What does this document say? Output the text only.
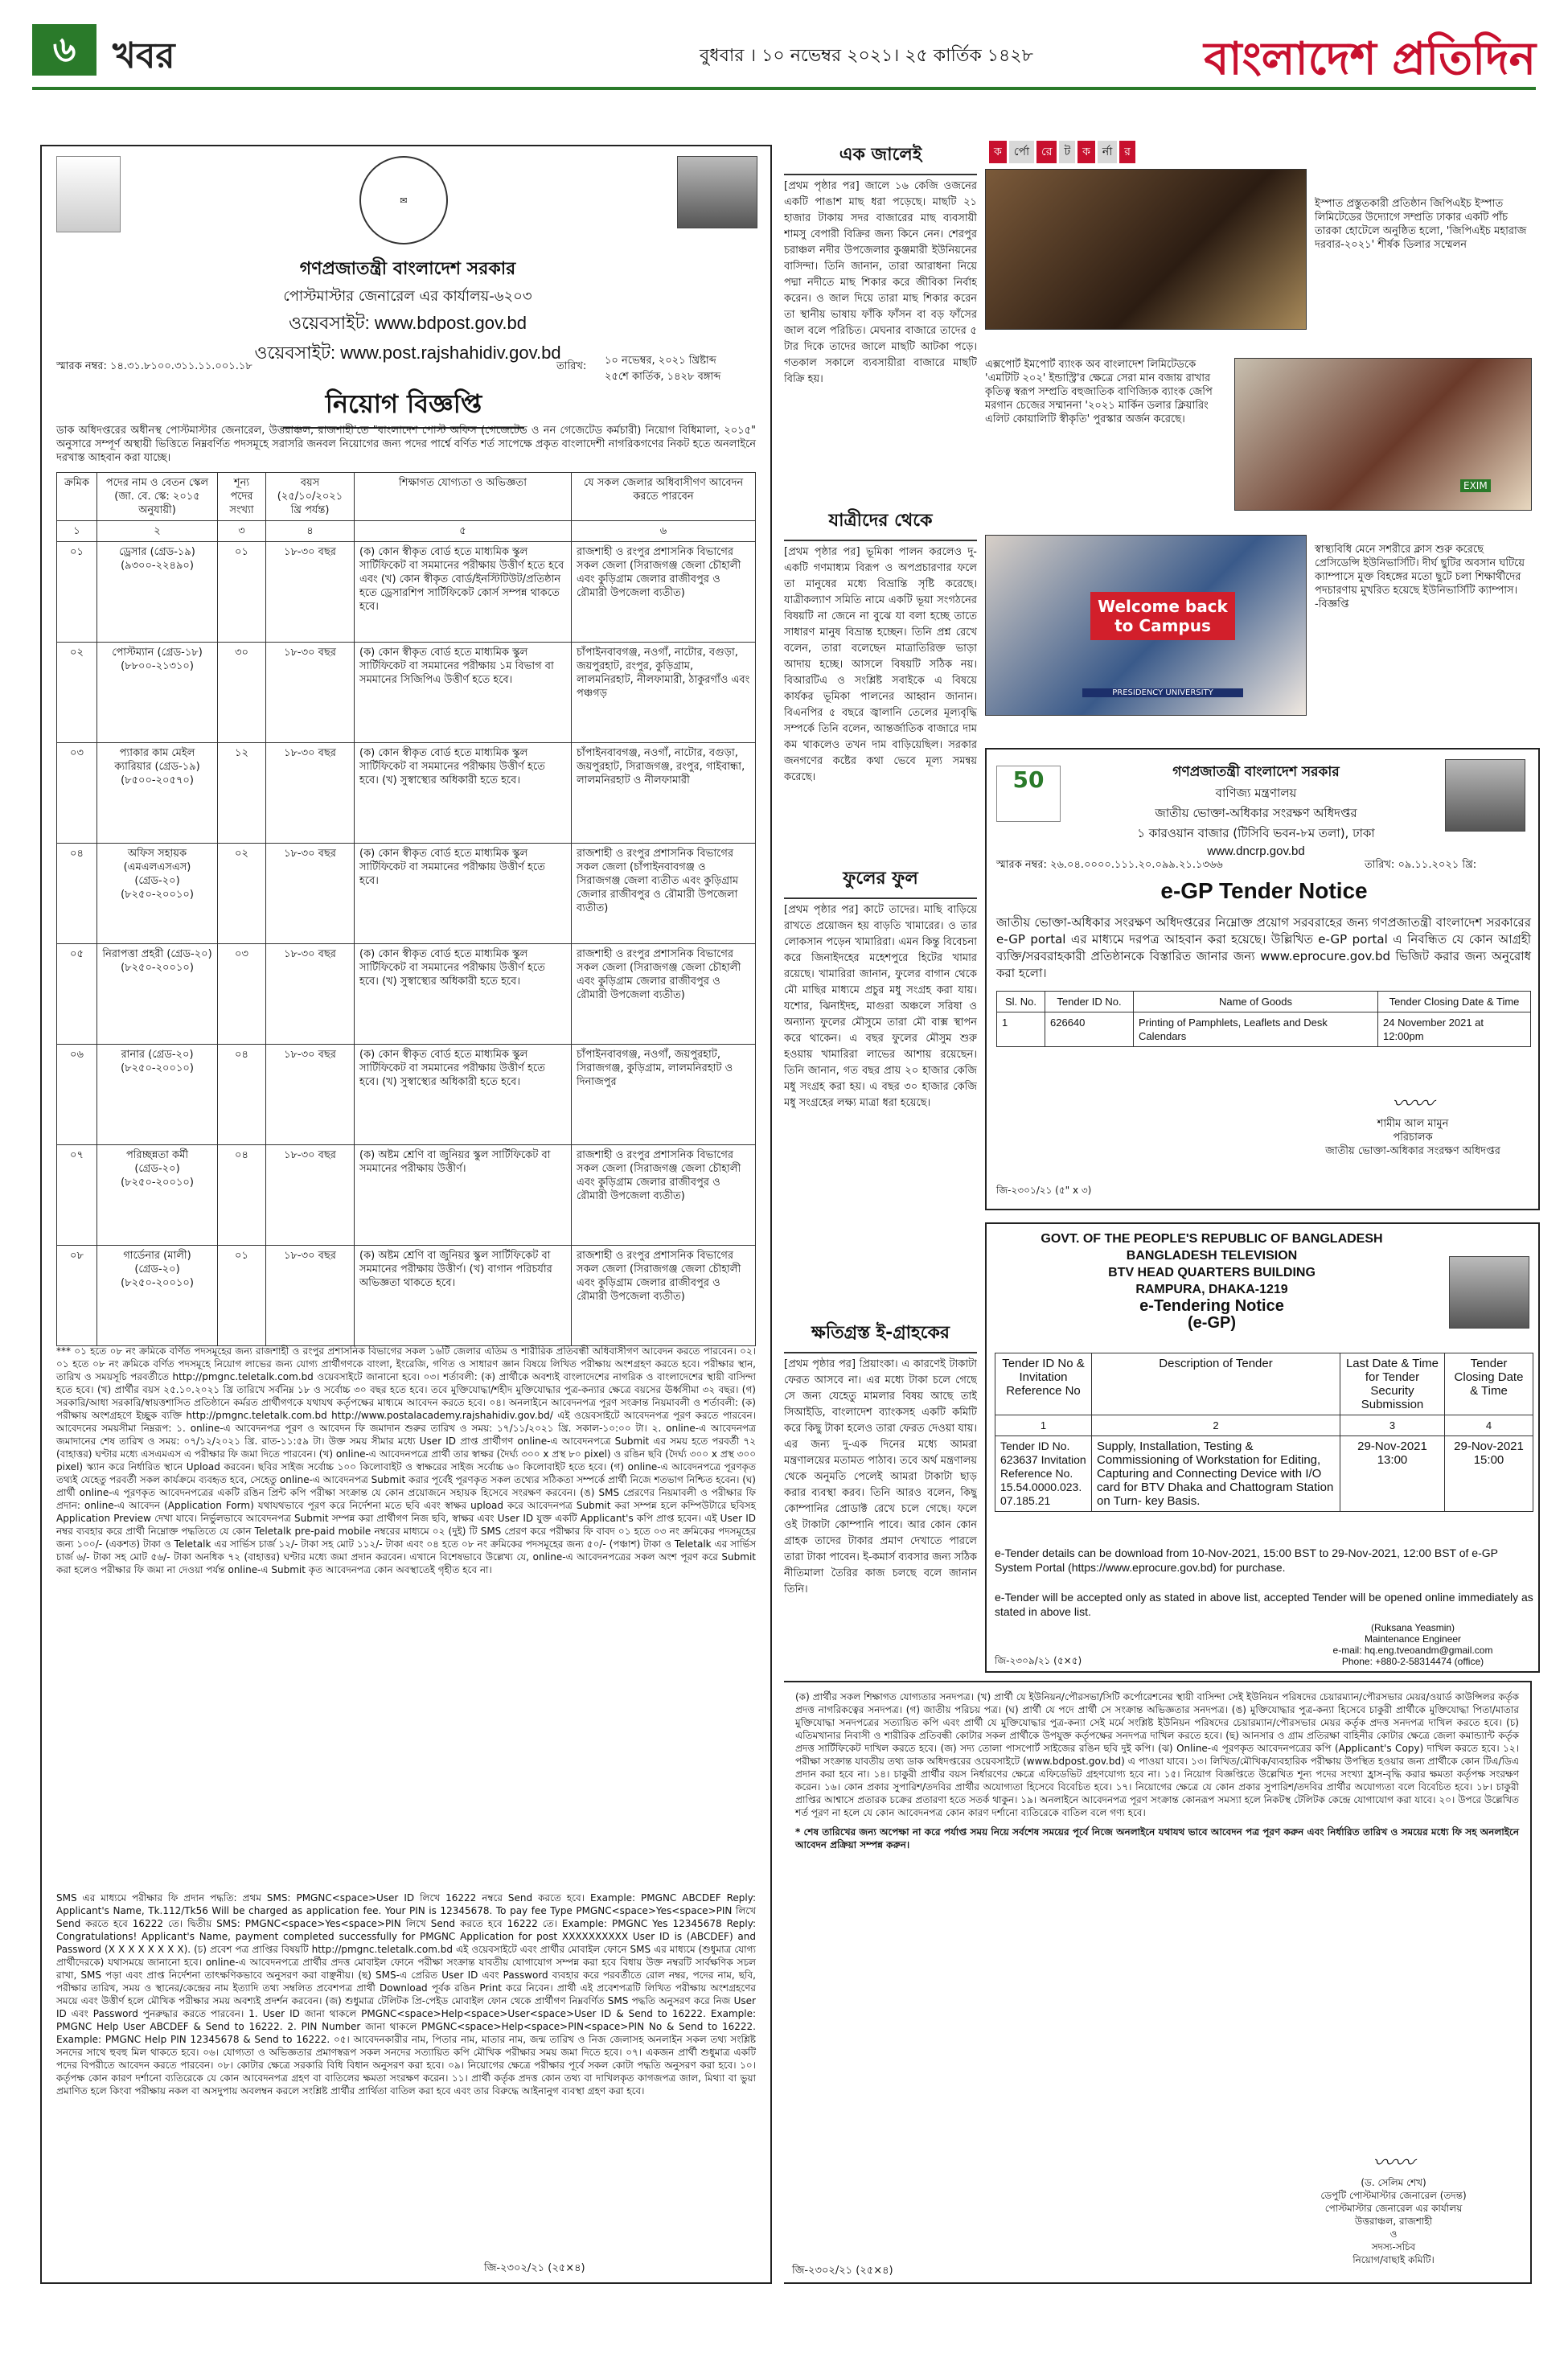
৬	খবর	বুধবার । ১০ নভেম্বর ২০২১। ২৫ কার্তিক ১৪২৮	বাংলাদেশ প্রতিদিন
✉
গণপ্রজাতন্ত্রী বাংলাদেশ সরকার
পোস্টমাস্টার জেনারেল এর কার্যালয়-৬২০৩
ওয়েবসাইট: www.bdpost.gov.bd
ওয়েবসাইট: www.post.rajshahidiv.gov.bd
স্মারক নম্বর: ১৪.৩১.৮১০০.৩১১.১১.০০১.১৮	তারিখ: ১০ নভেম্বর, ২০২১ খ্রিষ্টাব্দ
২৫শে কার্তিক, ১৪২৮ বঙ্গাব্দ
নিয়োগ বিজ্ঞপ্তি
ডাক অধিদপ্তরের অধীনস্থ পোস্টমাস্টার জেনারেল, উত্তরাঞ্চল, রাজশাহী'তে "বাংলাদেশ পোস্ট অফিস (গেজেটেড ও নন গেজেটেড কর্মচারী) নিয়োগ বিধিমালা, ২০১৫" অনুসারে সম্পূর্ণ অস্থায়ী ভিত্তিতে নিম্নবর্ণিত পদসমূহে সরাসরি জনবল নিয়োগের জন্য পদের পার্শ্বে বর্ণিত শর্ত সাপেক্ষে প্রকৃত বাংলাদেশী নাগরিকগণের নিকট হতে অনলাইনে দরখাস্ত আহবান করা যাচ্ছে।
ক্রমিক	পদের নাম ও বেতন স্কেল (জা. বে. স্কে: ২০১৫ অনুযায়ী)	শূন্য পদের সংখ্যা	বয়স (২৫/১০/২০২১ খ্রি পর্যন্ত)	শিক্ষাগত যোগ্যতা ও অভিজ্ঞতা	যে সকল জেলার অধিবাসীগণ আবেদন করতে পারবেন
১	২	৩	৪	৫	৬
০১	ড্রেসার (গ্রেড-১৯) (৯৩০০-২২৪৯০)	০১	১৮-৩০ বছর	(ক) কোন স্বীকৃত বোর্ড হতে মাধ্যমিক স্কুল সার্টিফিকেট বা সমমানের পরীক্ষায় উত্তীর্ণ হতে হবে এবং (খ) কোন স্বীকৃত বোর্ড/ইনস্টিটিউট/প্রতিষ্ঠান হতে ড্রেসারশিপ সার্টিফিকেট কোর্স সম্পন্ন থাকতে হবে।	রাজশাহী ও রংপুর প্রশাসনিক বিভাগের সকল জেলা (সিরাজগঞ্জ জেলা চৌহালী এবং কুড়িগ্রাম জেলার রাজীবপুর ও রৌমারী উপজেলা ব্যতীত)
০২	পোস্টম্যান (গ্রেড-১৮) (৮৮০০-২১৩১০)	৩০	১৮-৩০ বছর	(ক) কোন স্বীকৃত বোর্ড হতে মাধ্যমিক স্কুল সার্টিফিকেট বা সমমানের পরীক্ষায় ১ম বিভাগ বা সমমানের সিজিপিএ উত্তীর্ণ হতে হবে।	চাঁপাইনবাবগঞ্জ, নওগাঁ, নাটোর, বগুড়া, জয়পুরহাট, রংপুর, কুড়িগ্রাম, লালমনিরহাট, নীলফামারী, ঠাকুরগাঁও এবং পঞ্চগড়
০৩	প্যাকার কাম মেইল ক্যারিয়ার (গ্রেড-১৯) (৮৫০০-২০৫৭০)	১২	১৮-৩০ বছর	(ক) কোন স্বীকৃত বোর্ড হতে মাধ্যমিক স্কুল সার্টিফিকেট বা সমমানের পরীক্ষায় উত্তীর্ণ হতে হবে। (খ) সুস্বাস্থ্যের অধিকারী হতে হবে।	চাঁপাইনবাবগঞ্জ, নওগাঁ, নাটোর, বগুড়া, জয়পুরহাট, সিরাজগঞ্জ, রংপুর, গাইবান্ধা, লালমনিরহাট ও নীলফামারী
০৪	অফিস সহায়ক (এমএলএসএস) (গ্রেড-২০) (৮২৫০-২০০১০)	০২	১৮-৩০ বছর	(ক) কোন স্বীকৃত বোর্ড হতে মাধ্যমিক স্কুল সার্টিফিকেট বা সমমানের পরীক্ষায় উত্তীর্ণ হতে হবে।	রাজশাহী ও রংপুর প্রশাসনিক বিভাগের সকল জেলা (চাঁপাইনবাবগঞ্জ ও সিরাজগঞ্জ জেলা ব্যতীত এবং কুড়িগ্রাম জেলার রাজীবপুর ও রৌমারী উপজেলা ব্যতীত)
০৫	নিরাপত্তা প্রহরী (গ্রেড-২০) (৮২৫০-২০০১০)	০৩	১৮-৩০ বছর	(ক) কোন স্বীকৃত বোর্ড হতে মাধ্যমিক স্কুল সার্টিফিকেট বা সমমানের পরীক্ষায় উত্তীর্ণ হতে হবে। (খ) সুস্বাস্থ্যের অধিকারী হতে হবে।	রাজশাহী ও রংপুর প্রশাসনিক বিভাগের সকল জেলা (সিরাজগঞ্জ জেলা চৌহালী এবং কুড়িগ্রাম জেলার রাজীবপুর ও রৌমারী উপজেলা ব্যতীত)
০৬	রানার (গ্রেড-২০) (৮২৫০-২০০১০)	০৪	১৮-৩০ বছর	(ক) কোন স্বীকৃত বোর্ড হতে মাধ্যমিক স্কুল সার্টিফিকেট বা সমমানের পরীক্ষায় উত্তীর্ণ হতে হবে। (খ) সুস্বাস্থ্যের অধিকারী হতে হবে।	চাঁপাইনবাবগঞ্জ, নওগাঁ, জয়পুরহাট, সিরাজগঞ্জ, কুড়িগ্রাম, লালমনিরহাট ও দিনাজপুর
০৭	পরিচ্ছন্নতা কর্মী (গ্রেড-২০) (৮২৫০-২০০১০)	০৪	১৮-৩০ বছর	(ক) অষ্টম শ্রেণি বা জুনিয়র স্কুল সার্টিফিকেট বা সমমানের পরীক্ষায় উত্তীর্ণ।	রাজশাহী ও রংপুর প্রশাসনিক বিভাগের সকল জেলা (সিরাজগঞ্জ জেলা চৌহালী এবং কুড়িগ্রাম জেলার রাজীবপুর ও রৌমারী উপজেলা ব্যতীত)
০৮	গার্ডেনার (মালী) (গ্রেড-২০) (৮২৫০-২০০১০)	০১	১৮-৩০ বছর	(ক) অষ্টম শ্রেণি বা জুনিয়র স্কুল সার্টিফিকেট বা সমমানের পরীক্ষায় উত্তীর্ণ। (খ) বাগান পরিচর্যার অভিজ্ঞতা থাকতে হবে।	রাজশাহী ও রংপুর প্রশাসনিক বিভাগের সকল জেলা (সিরাজগঞ্জ জেলা চৌহালী এবং কুড়িগ্রাম জেলার রাজীবপুর ও রৌমারী উপজেলা ব্যতীত)
*** ০১ হতে ০৮ নং ক্রমিকে বর্ণিত পদসমূহের জন্য রাজশাহী ও রংপুর প্রশাসনিক বিভাগের সকল ১৬টি জেলার এতিম ও শারীরিক প্রতিবন্ধী অধিবাসীগণ আবেদন করতে পারবেন। ০২। ০১ হতে ০৮ নং ক্রমিকে বর্ণিত পদসমূহে নিয়োগ লাভের জন্য যোগ্য প্রার্থীগণকে বাংলা, ইংরেজি, গণিত ও সাধারণ জ্ঞান বিষয়ে লিখিত পরীক্ষায় অংশগ্রহণ করতে হবে। পরীক্ষার স্থান, তারিখ ও সময়সূচি পরবর্তীতে http://pmgnc.teletalk.com.bd ওয়েবসাইটে জানানো হবে। ০৩। শর্তাবলী: (ক) প্রার্থীকে অবশ্যই বাংলাদেশের নাগরিক ও বাংলাদেশের স্থায়ী বাসিন্দা হতে হবে। (খ) প্রার্থীর বয়স ২৫.১০.২০২১ খ্রি তারিখে সর্বনিম্ন ১৮ ও সর্বোচ্চ ৩০ বছর হতে হবে। তবে মুক্তিযোদ্ধা/শহীদ মুক্তিযোদ্ধার পুত্র-কন্যার ক্ষেত্রে বয়সের ঊর্ধ্বসীমা ৩২ বছর। (গ) সরকারি/আধা সরকারি/স্বায়ত্তশাসিত প্রতিষ্ঠানে কর্মরত প্রার্থীগণকে যথাযথ কর্তৃপক্ষের মাধ্যমে আবেদন করতে হবে। ০৪। অনলাইনে আবেদনপত্র পূরণ সংক্রান্ত নিয়মাবলী ও শর্তাবলী: (ক) পরীক্ষায় অংশগ্রহণে ইচ্ছুক ব্যক্তি http://pmgnc.teletalk.com.bd http://www.postalacademy.rajshahidiv.gov.bd/ এই ওয়েবসাইটে আবেদনপত্র পূরণ করতে পারবেন। আবেদনের সময়সীমা নিম্নরূপ: ১. online-এ আবেদনপত্র পূরণ ও আবেদন ফি জমাদান শুরুর তারিখ ও সময়: ১৭/১১/২০২১ খ্রি. সকাল-১০:০০ টা। ২. online-এ আবেদনপত্র জমাদানের শেষ তারিখ ও সময়: ০৭/১২/২০২১ খ্রি. রাত-১১:৫৯ টা। উক্ত সময় সীমার মধ্যে User ID প্রাপ্ত প্রার্থীগণ online-এ আবেদনপত্রে Submit এর সময় হতে পরবর্তী ৭২ (বাহাত্তর) ঘণ্টার মধ্যে এসএমএস এ পরীক্ষার ফি জমা দিতে পারবেন। (খ) online-এ আবেদনপত্রে প্রার্থী তার স্বাক্ষর (দৈর্ঘ্য ৩০০ x প্রস্থ ৮০ pixel) ও রঙিন ছবি (দৈর্ঘ্য ৩০০ x প্রস্থ ৩০০ pixel) স্ক্যান করে নির্ধারিত স্থানে Upload করবেন। ছবির সাইজ সর্বোচ্চ ১০০ কিলোবাইট ও স্বাক্ষরের সাইজ সর্বোচ্চ ৬০ কিলোবাইট হতে হবে। (গ) online-এ আবেদনপত্রে পূরণকৃত তথ্যই যেহেতু পরবর্তী সকল কার্যক্রমে ব্যবহৃত হবে, সেহেতু online-এ আবেদনপত্র Submit করার পূর্বেই পূরণকৃত সকল তথ্যের সঠিকতা সম্পর্কে প্রার্থী নিজে শতভাগ নিশ্চিত হবেন। (ঘ) প্রার্থী online-এ পূরণকৃত আবেদনপত্রের একটি রঙিন প্রিন্ট কপি পরীক্ষা সংক্রান্ত যে কোন প্রয়োজনে সহায়ক হিসেবে সংরক্ষণ করবেন। (ঙ) SMS প্রেরণের নিয়মাবলী ও পরীক্ষার ফি প্রদান: online-এ আবেদন (Application Form) যথাযথভাবে পূরণ করে নির্দেশনা মতে ছবি এবং স্বাক্ষর upload করে আবেদনপত্র Submit করা সম্পন্ন হলে কম্পিউটারে ছবিসহ Application Preview দেখা যাবে। নির্ভুলভাবে আবেদনপত্র Submit সম্পন্ন করা প্রার্থীগণ নিজ ছবি, স্বাক্ষর এবং User ID যুক্ত একটি Applicant's কপি প্রাপ্ত হবেন। এই User ID নম্বর ব্যবহার করে প্রার্থী নিম্নোক্ত পদ্ধতিতে যে কোন Teletalk pre-paid mobile নম্বরের মাধ্যমে ০২ (দুই) টি SMS প্রেরণ করে পরীক্ষার ফি বাবদ ০১ হতে ০৩ নং ক্রমিকের পদসমূহের জন্য ১০০/- (একশত) টাকা ও Teletalk এর সার্ভিস চার্জ ১২/- টাকা সহ মোট ১১২/- টাকা এবং ০৪ হতে ০৮ নং ক্রমিকের পদসমূহের জন্য ৫০/- (পঞ্চাশ) টাকা ও Teletalk এর সার্ভিস চার্জ ৬/- টাকা সহ মোট ৫৬/- টাকা অনধিক ৭২ (বাহাত্তর) ঘণ্টার মধ্যে জমা প্রদান করবেন। এখানে বিশেষভাবে উল্লেখ্য যে, online-এ আবেদনপত্রের সকল অংশ পূরণ করে Submit করা হলেও পরীক্ষার ফি জমা না দেওয়া পর্যন্ত online-এ Submit কৃত আবেদনপত্র কোন অবস্থাতেই গৃহীত হবে না।
SMS এর মাধ্যমে পরীক্ষার ফি প্রদান পদ্ধতি: প্রথম SMS: PMGNC<space>User ID লিখে 16222 নম্বরে Send করতে হবে। Example: PMGNC ABCDEF Reply: Applicant's Name, Tk.112/Tk56 Will be charged as application fee. Your PIN is 12345678. To pay fee Type PMGNC<space>Yes<space>PIN লিখে Send করতে হবে 16222 তে। দ্বিতীয় SMS: PMGNC<space>Yes<space>PIN লিখে Send করতে হবে 16222 তে। Example: PMGNC Yes 12345678 Reply: Congratulations! Applicant's Name, payment completed successfully for PMGNC Application for post XXXXXXXXXX User ID is (ABCDEF) and Password (X X X X X X X X). (চ) প্রবেশ পত্র প্রাপ্তির বিষয়টি http://pmgnc.teletalk.com.bd এই ওয়েবসাইটে এবং প্রার্থীর মোবাইল ফোনে SMS এর মাধ্যমে (শুধুমাত্র যোগ্য প্রার্থীদেরকে) যথাসময়ে জানানো হবে। online-এ আবেদনপত্রে প্রার্থীর প্রদত্ত মোবাইল ফোনে পরীক্ষা সংক্রান্ত যাবতীয় যোগাযোগ সম্পন্ন করা হবে বিধায় উক্ত নম্বরটি সার্বক্ষণিক সচল রাখা, SMS পড়া এবং প্রাপ্ত নির্দেশনা তাৎক্ষণিকভাবে অনুসরণ করা বাঞ্ছনীয়। (ছ) SMS-এ প্রেরিত User ID এবং Password ব্যবহার করে পরবর্তীতে রোল নম্বর, পদের নাম, ছবি, পরীক্ষার তারিখ, সময় ও স্থানের/কেন্দ্রের নাম ইত্যাদি তথ্য সম্বলিত প্রবেশপত্র প্রার্থী Download পূর্বক রঙিন Print করে নিবেন। প্রার্থী এই প্রবেশপত্রটি লিখিত পরীক্ষায় অংশগ্রহণের সময়ে এবং উত্তীর্ণ হলে মৌখিক পরীক্ষার সময় অবশ্যই প্রদর্শন করবেন। (জ) শুধুমাত্র টেলিটক প্রি-পেইড মোবাইল ফোন থেকে প্রার্থীগণ নিম্নবর্ণিত SMS পদ্ধতি অনুসরণ করে নিজ User ID এবং Password পুনরুদ্ধার করতে পারবেন। 1. User ID জানা থাকলে PMGNC<space>Help<space>User<space>User ID & Send to 16222. Example: PMGNC Help User ABCDEF & Send to 16222. 2. PIN Number জানা থাকলে PMGNC<space>Help<space>PIN<space>PIN No & Send to 16222. Example: PMGNC Help PIN 12345678 & Send to 16222. ০৫। আবেদনকারীর নাম, পিতার নাম, মাতার নাম, জন্ম তারিখ ও নিজ জেলাসহ অনলাইন সকল তথ্য সংশ্লিষ্ট সনদের সাথে হুবহু মিল থাকতে হবে। ০৬। যোগ্যতা ও অভিজ্ঞতার প্রমাণস্বরূপ সকল সনদের সত্যায়িত কপি মৌখিক পরীক্ষার সময় জমা দিতে হবে। ০৭। একজন প্রার্থী শুধুমাত্র একটি পদের বিপরীতে আবেদন করতে পারবেন। ০৮। কোটার ক্ষেত্রে সরকারি বিধি বিধান অনুসরণ করা হবে। ০৯। নিয়োগের ক্ষেত্রে পরীক্ষার পূর্বে সকল কোটা পদ্ধতি অনুসরণ করা হবে। ১০। কর্তৃপক্ষ কোন কারণ দর্শানো ব্যতিরেকে যে কোন আবেদনপত্র গ্রহণ বা বাতিলের ক্ষমতা সংরক্ষণ করেন। ১১। প্রার্থী কর্তৃক প্রদত্ত কোন তথ্য বা দাখিলকৃত কাগজপত্র জাল, মিথ্যা বা ভুয়া প্রমাণিত হলে কিংবা পরীক্ষায় নকল বা অসদুপায় অবলম্বন করলে সংশ্লিষ্ট প্রার্থীর প্রার্থিতা বাতিল করা হবে এবং তার বিরুদ্ধে আইনানুগ ব্যবস্থা গ্রহণ করা হবে।
জি-২৩০২/২১ (২৫×৪)
(ক) প্রার্থীর সকল শিক্ষাগত যোগ্যতার সনদপত্র। (খ) প্রার্থী যে ইউনিয়ন/পৌরসভা/সিটি কর্পোরেশনের স্থায়ী বাসিন্দা সেই ইউনিয়ন পরিষদের চেয়ারম্যান/পৌরসভার মেয়র/ওয়ার্ড কাউন্সিলর কর্তৃক প্রদত্ত নাগরিকত্বের সনদপত্র। (গ) জাতীয় পরিচয় পত্র। (ঘ) প্রার্থী যে পদে প্রার্থী সে সংক্রান্ত অভিজ্ঞতার সনদপত্র। (ঙ) মুক্তিযোদ্ধার পুত্র-কন্যা হিসেবে চাকুরী প্রার্থীকে মুক্তিযোদ্ধা পিতা/মাতার মুক্তিযোদ্ধা সনদপত্রের সত্যায়িত কপি এবং প্রার্থী যে মুক্তিযোদ্ধার পুত্র-কন্যা সেই মর্মে সংশ্লিষ্ট ইউনিয়ন পরিষদের চেয়ারম্যান/পৌরসভার মেয়র কর্তৃক প্রদত্ত সনদপত্র দাখিল করতে হবে। (চ) এতিমখানার নিবাসী ও শারীরিক প্রতিবন্ধী কোটার সকল প্রার্থীকে উপযুক্ত কর্তৃপক্ষের সনদপত্র দাখিল করতে হবে। (ছ) আনসার ও গ্রাম প্রতিরক্ষা বাহিনীর কোটার ক্ষেত্রে জেলা কমান্ড্যান্ট কর্তৃক প্রদত্ত সার্টিফিকেট দাখিল করতে হবে। (জ) সদ্য তোলা পাসপোর্ট সাইজের রঙিন ছবি দুই কপি। (ঝ) Online-এ পূরণকৃত আবেদনপত্রের কপি (Applicant's Copy) দাখিল করতে হবে। ১২। পরীক্ষা সংক্রান্ত যাবতীয় তথ্য ডাক অধিদপ্তরের ওয়েবসাইটে (www.bdpost.gov.bd) এ পাওয়া যাবে। ১৩। লিখিত/মৌখিক/ব্যবহারিক পরীক্ষায় উপস্থিত হওয়ার জন্য প্রার্থীকে কোন টিএ/ডিএ প্রদান করা হবে না। ১৪। চাকুরী প্রার্থীর বয়স নির্ধারণের ক্ষেত্রে এফিডেভিট গ্রহণযোগ্য হবে না। ১৫। নিয়োগ বিজ্ঞপ্তিতে উল্লেখিত শূন্য পদের সংখ্যা হ্রাস-বৃদ্ধি করার ক্ষমতা কর্তৃপক্ষ সংরক্ষণ করেন। ১৬। কোন প্রকার সুপারিশ/তদবির প্রার্থীর অযোগ্যতা হিসেবে বিবেচিত হবে। ১৭। নিয়োগের ক্ষেত্রে যে কোন প্রকার সুপারিশ/তদবির প্রার্থীর অযোগ্যতা বলে বিবেচিত হবে। ১৮। চাকুরী প্রাপ্তির আশ্বাসে প্রতারক চক্রের প্রতারণা হতে সতর্ক থাকুন। ১৯। অনলাইনে আবেদনপত্র পূরণ সংক্রান্ত কোনরূপ সমস্যা হলে নিকটস্থ টেলিটক কেন্দ্রে যোগাযোগ করা যাবে। ২০। উপরে উল্লেখিত শর্ত পূরণ না হলে যে কোন আবেদনপত্র কোন কারণ দর্শানো ব্যতিরেকে বাতিল বলে গণ্য হবে।
* শেষ তারিখের জন্য অপেক্ষা না করে পর্যাপ্ত সময় নিয়ে সর্বশেষ সময়ের পূর্বে নিজে অনলাইনে যথাযথ ভাবে আবেদন পত্র পূরণ করুন এবং নির্ধারিত তারিখ ও সময়ের মধ্যে ফি সহ অনলাইনে আবেদন প্রক্রিয়া সম্পন্ন করুন।
〰〰
(ড. সেলিম শেখ)
ডেপুটি পোস্টমাস্টার জেনারেল (তদন্ত)
পোস্টমাস্টার জেনারেল এর কার্যালয়
উত্তরাঞ্চল, রাজশাহী
ও
সদস্য-সচিব
নিয়োগ/বাছাই কমিটি।
জি-২৩০২/২১ (২৫×৪)
এক জালেই
[প্রথম পৃষ্ঠার পর] জালে ১৬ কেজি ওজনের একটি পাঙাশ মাছ ধরা পড়েছে। মাছটি ২১ হাজার টাকায় সদর বাজারের মাছ ব্যবসায়ী শামসু বেপারী বিক্রির জন্য কিনে নেন। শেরপুর চরাঞ্চল নদীর উপজেলার কুঞ্জমারী ইউনিয়নের বাসিন্দা। তিনি জানান, তারা আরাধনা নিয়ে পদ্মা নদীতে মাছ শিকার করে জীবিকা নির্বাহ করেন। ও জাল দিয়ে তারা মাছ শিকার করেন তা স্থানীয় ভাষায় ফাঁকি ফাঁসন বা বড় ফাঁসের জাল বলে পরিচিত। মেঘনার বাজারে তাদের ৫ টার দিকে তাদের জালে মাছটি আটকা পড়ে। গতকাল সকালে ব্যবসায়ীরা বাজারে মাছটি বিক্রি হয়।
যাত্রীদের থেকে
[প্রথম পৃষ্ঠার পর] ভূমিকা পালন করলেও দু-একটি গণমাধ্যম বিরূপ ও অপপ্রচারণার ফলে তা মানুষের মধ্যে বিভ্রান্তি সৃষ্টি করেছে। যাত্রীকল্যাণ সমিতি নামে একটি ভূয়া সংগঠনের বিষয়টি না জেনে না বুঝে যা বলা হচ্ছে তাতে সাধারণ মানুষ বিভ্রান্ত হচ্ছেন। তিনি প্রশ্ন রেখে বলেন, তারা বলেছেন মাত্রাতিরিক্ত ভাড়া আদায় হচ্ছে। আসলে বিষয়টি সঠিক নয়। বিআরটিএ ও সংশ্লিষ্ট সবাইকে এ বিষয়ে কার্যকর ভূমিকা পালনের আহ্বান জানান। বিএনপির ৫ বছরে জ্বালানি তেলের মূল্যবৃদ্ধি সম্পর্কে তিনি বলেন, আন্তর্জাতিক বাজারে দাম কম থাকলেও তখন দাম বাড়িয়েছিল। সরকার জনগণের কষ্টের কথা ভেবে মূল্য সমন্বয় করেছে।
ফুলের ফুল
[প্রথম পৃষ্ঠার পর] কাটে তাদের। মাছি বাড়িয়ে রাখতে প্রয়োজন হয় বাড়তি খামারের। ও তার লোকসান পড়েন খামারিরা। এমন কিন্তু বিবেচনা করে জিনাইদহের মহেশপুরে হিটের খামার রয়েছে। খামারিরা জানান, ফুলের বাগান থেকে মৌ মাছির মাধ্যমে প্রচুর মধু সংগ্রহ করা যায়। যশোর, ঝিনাইদহ, মাগুরা অঞ্চলে সরিষা ও অন্যান্য ফুলের মৌসুমে তারা মৌ বাক্স স্থাপন করে থাকেন। এ বছর ফুলের মৌসুম শুরু হওয়ায় খামারিরা লাভের আশায় রয়েছেন। তিনি জানান, গত বছর প্রায় ২০ হাজার কেজি মধু সংগ্রহ করা হয়। এ বছর ৩০ হাজার কেজি মধু সংগ্রহের লক্ষ্য মাত্রা ধরা হয়েছে।
ক্ষতিগ্রস্ত ই-গ্রাহকের
[প্রথম পৃষ্ঠার পর] প্রিয়াংকা। এ কারণেই টাকাটা ফেরত আসবে না। এর মধ্যে টাকা চলে গেছে সে জন্য যেহেতু মামলার বিষয় আছে তাই সিআইডি, বাংলাদেশ ব্যাংকসহ একটি কমিটি করে কিছু টাকা হলেও তারা ফেরত দেওয়া যায়। এর জন্য দু-এক দিনের মধ্যে আমরা মন্ত্রণালয়ের মতামত পাঠাব। তবে অর্থ মন্ত্রণালয় থেকে অনুমতি পেলেই আমরা টাকাটা ছাড় করার ব্যবস্থা করব। তিনি আরও বলেন, কিছু কোম্পানির প্রোডাক্ট রেখে চলে গেছে। ফলে ওই টাকাটা কোম্পানি পাবে। আর কোন কোন গ্রাহক তাদের টাকার প্রমাণ দেখাতে পারলে তারা টাকা পাবেন। ই-কমার্স ব্যবসার জন্য সঠিক নীতিমালা তৈরির কাজ চলছে বলে জানান তিনি।
ক	র্পো	রে	ট	ক	র্না	র
ইস্পাত প্রস্তুতকারী প্রতিষ্ঠান জিপিএইচ ইস্পাত লিমিটেডের উদ্যোগে সম্প্রতি ঢাকার একটি পাঁচ তারকা হোটেলে অনুষ্ঠিত হলো, 'জিপিএইচ মহারাজ দরবার-২০২১' শীর্ষক ডিলার সম্মেলন
এক্সপোর্ট ইমপোর্ট ব্যাংক অব বাংলাদেশ লিমিটেডকে 'এমটিটি ২০২' ইন্ডাস্ট্রি'র ক্ষেত্রে সেরা মান বজায় রাখার কৃতিত্ব স্বরূপ সম্প্রতি বহুজাতিক বাণিজ্যিক ব্যাংক জেপি মরগান চেজের সম্মাননা '২০২১ মার্কিন ডলার ক্লিয়ারিং এলিট কোয়ালিটি স্বীকৃতি' পুরস্কার অর্জন করেছে।
EXIM
Welcome back to Campus
PRESIDENCY UNIVERSITY
স্বাস্থ্যবিধি মেনে সশরীরে ক্লাস শুরু করেছে প্রেসিডেন্সি ইউনিভার্সিটি। দীর্ঘ ছুটির অবসান ঘটিয়ে ক্যাম্পাসে মুক্ত বিহঙ্গের মতো ছুটে চলা শিক্ষার্থীদের পদচারণায় মুখরিত হয়েছে ইউনিভার্সিটি ক্যাম্পাস। -বিজ্ঞপ্তি
50	গণপ্রজাতন্ত্রী বাংলাদেশ সরকার
বাণিজ্য মন্ত্রণালয়
জাতীয় ভোক্তা-অধিকার সংরক্ষণ অধিদপ্তর
১ কারওয়ান বাজার (টিসিবি ভবন-৮ম তলা), ঢাকা
www.dncrp.gov.bd
স্মারক নম্বর: ২৬.০৪.০০০০.১১১.২০.০৯৯.২১.১৩৬৬	তারিখ: ০৯.১১.২০২১ খ্রি:
e-GP Tender Notice
জাতীয় ভোক্তা-অধিকার সংরক্ষণ অধিদপ্তরের নিম্নোক্ত প্রয়োগ সরবরাহের জন্য গণপ্রজাতন্ত্রী বাংলাদেশ সরকারের e-GP portal এর মাধ্যমে দরপত্র আহবান করা হয়েছে। উল্লিখিত e-GP portal এ নিবন্ধিত যে কোন আগ্রহী ব্যক্তি/সরবরাহকারী প্রতিষ্ঠানকে বিস্তারিত জানার জন্য www.eprocure.gov.bd ভিজিট করার জন্য অনুরোধ করা হলো।
Sl. No.	Tender ID No.	Name of Goods	Tender Closing Date & Time
1	626640	Printing of Pamphlets, Leaflets and Desk Calendars	24 November 2021 at 12:00pm
〰〰
শামীম আল মামুন
পরিচালক
জাতীয় ভোক্তা-অধিকার সংরক্ষণ অধিদপ্তর
জি-২৩০১/২১ (৫" x ৩)
GOVT. OF THE PEOPLE'S REPUBLIC OF BANGLADESH
BANGLADESH TELEVISION
BTV HEAD QUARTERS BUILDING
RAMPURA, DHAKA-1219
e-Tendering Notice
(e-GP)
Tender ID No & Invitation Reference No	Description of Tender	Last Date & Time for Tender Security Submission	Tender Closing Date & Time
1	2	3	4
Tender ID No. 623637 Invitation Reference No. 15.54.0000.023. 07.185.21	Supply, Installation, Testing & Commissioning of Workstation for Editing, Capturing and Connecting Device with I/O card for BTV Dhaka and Chattogram Station on Turn- key Basis.	29-Nov-2021 13:00	29-Nov-2021 15:00
e-Tender details can be download from 10-Nov-2021, 15:00 BST to 29-Nov-2021, 12:00 BST of e-GP System Portal (https://www.eprocure.gov.bd) for purchase.
e-Tender will be accepted only as stated in above list, accepted Tender will be opened online immediately as stated in above list.
(Ruksana Yeasmin)
Maintenance Engineer
e-mail: hq.eng.tveoandm@gmail.com
Phone: +880-2-58314474 (office)
জি-২৩০৯/২১ (৫×৫)
